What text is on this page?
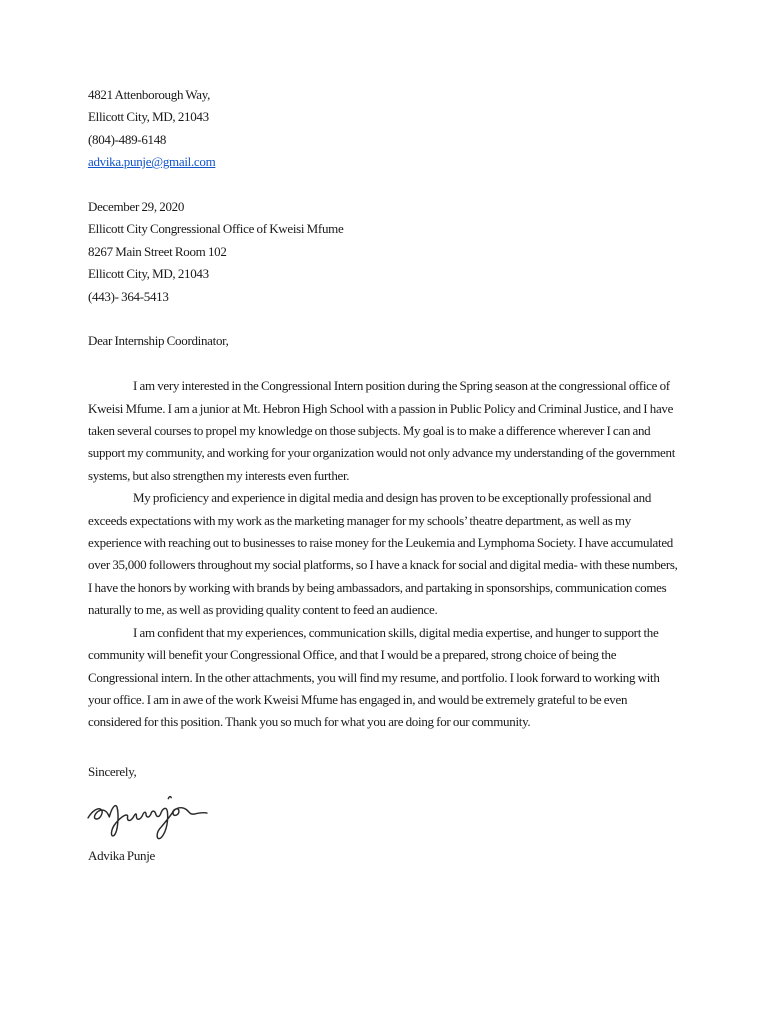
4821 Attenborough Way,
Ellicott City, MD, 21043
(804)-489-6148
advika.punje@gmail.com
December 29, 2020
Ellicott City Congressional Office of Kweisi Mfume
8267 Main Street Room 102
Ellicott City, MD, 21043
(443)- 364-5413
Dear Internship Coordinator,

I am very interested in the Congressional Intern position during the Spring season at the congressional office of Kweisi Mfume. I am a junior at Mt. Hebron High School with a passion in Public Policy and Criminal Justice, and I have taken several courses to propel my knowledge on those subjects. My goal is to make a difference wherever I can and support my community, and working for your organization would not only advance my understanding of the government systems, but also strengthen my interests even further.

My proficiency and experience in digital media and design has proven to be exceptionally professional and exceeds expectations with my work as the marketing manager for my schools’ theatre department, as well as my experience with reaching out to businesses to raise money for the Leukemia and Lymphoma Society. I have accumulated over 35,000 followers throughout my social platforms, so I have a knack for social and digital media- with these numbers, I have the honors by working with brands by being ambassadors, and partaking in sponsorships, communication comes naturally to me, as well as providing quality content to feed an audience.

I am confident that my experiences, communication skills, digital media expertise, and hunger to support the community will benefit your Congressional Office, and that I would be a prepared, strong choice of being the Congressional intern. In the other attachments, you will find my resume, and portfolio. I look forward to working with your office. I am in awe of the work Kweisi Mfume has engaged in, and would be extremely grateful to be even considered for this position. Thank you so much for what you are doing for our community.

Sincerely,
Advika Punje
